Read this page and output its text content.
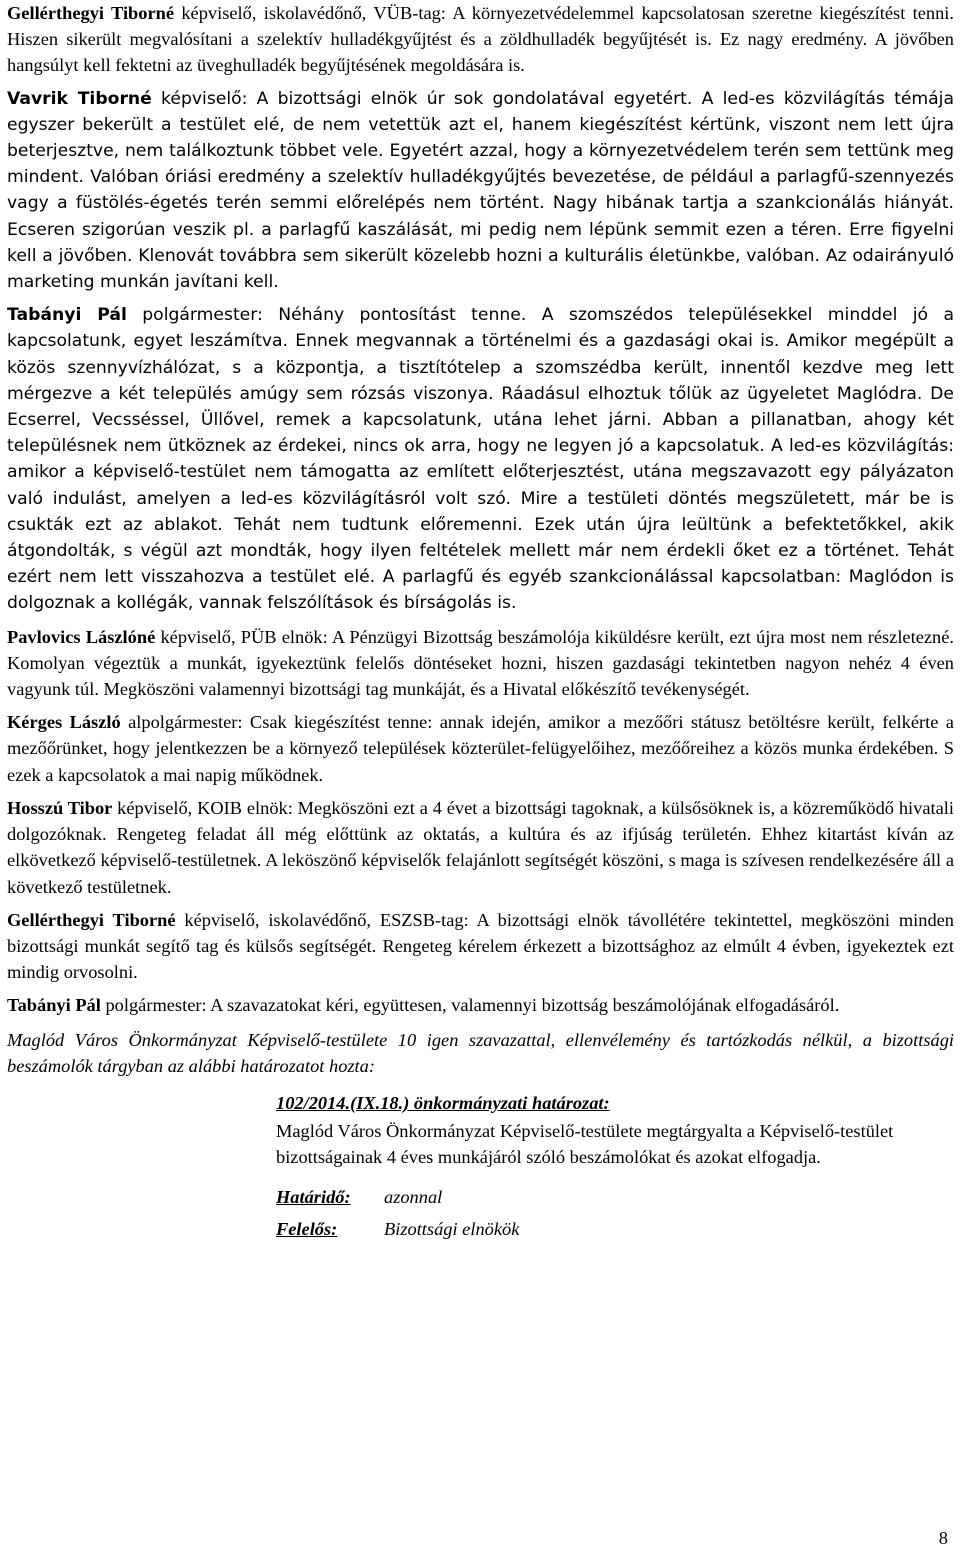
Gellérthegyi Tiborné képviselő, iskolavédőnő, VÜB-tag: A környezetvédelemmel kapcsolatosan szeretne kiegészítést tenni. Hiszen sikerült megvalósítani a szelektív hulladékgyűjtést és a zöldhulladék begyűjtését is. Ez nagy eredmény. A jövőben hangsúlyt kell fektetni az üveghulladék begyűjtésének megoldására is.

Vavrik Tiborné képviselő: A bizottsági elnök úr sok gondolatával egyetért. A led-es közvilágítás témája egyszer bekerült a testület elé, de nem vetettük azt el, hanem kiegészítést kértünk, viszont nem lett újra beterjesztve, nem találkoztunk többet vele. Egyetért azzal, hogy a környezetvédelem terén sem tettünk meg mindent. Valóban óriási eredmény a szelektív hulladékgyűjtés bevezetése, de például a parlagfű-szennyezés vagy a füstölés-égetés terén semmi előrelépés nem történt. Nagy hibának tartja a szankcionálás hiányát. Ecseren szigorúan veszik pl. a parlagfű kaszálását, mi pedig nem lépünk semmit ezen a téren. Erre figyelni kell a jövőben. Klenovát továbbra sem sikerült közelebb hozni a kulturális életünkbe, valóban. Az odairányuló marketing munkán javítani kell.

Tabányi Pál polgármester: Néhány pontosítást tenne. A szomszédos településekkel minddel jó a kapcsolatunk, egyet leszámítva. Ennek megvannak a történelmi és a gazdasági okai is. Amikor megépült a közös szennyvízhálózat, s a központja, a tisztítótelep a szomszédba került, innentől kezdve meg lett mérgezve a két település amúgy sem rózsás viszonya. Ráadásul elhoztuk tőlük az ügyeletet Maglódra. De Ecserrel, Vecsséssel, Üllővel, remek a kapcsolatunk, utána lehet járni. Abban a pillanatban, ahogy két településnek nem ütköznek az érdekei, nincs ok arra, hogy ne legyen jó a kapcsolatuk. A led-es közvilágítás: amikor a képviselő-testület nem támogatta az említett előterjesztést, utána megszavazott egy pályázaton való indulást, amelyen a led-es közvilágításról volt szó. Mire a testületi döntés megszületett, már be is csukták ezt az ablakot. Tehát nem tudtunk előremenni. Ezek után újra leültünk a befektetőkkel, akik átgondolták, s végül azt mondták, hogy ilyen feltételek mellett már nem érdekli őket ez a történet. Tehát ezért nem lett visszahozva a testület elé. A parlagfű és egyéb szankcionálással kapcsolatban: Maglódon is dolgoznak a kollégák, vannak felszólítások és bírságolás is.

Pavlovics Lászlóné képviselő, PÜB elnök: A Pénzügyi Bizottság beszámolója kiküldésre került, ezt újra most nem részletezné. Komolyan végeztük a munkát, igyekeztünk felelős döntéseket hozni, hiszen gazdasági tekintetben nagyon nehéz 4 éven vagyunk túl. Megköszöni valamennyi bizottsági tag munkáját, és a Hivatal előkészítő tevékenységét.

Kérges László alpolgármester: Csak kiegészítést tenne: annak idején, amikor a mezőőri státusz betöltésre került, felkérte a mezőőrünket, hogy jelentkezzen be a környező települések közterület-felügyelőihez, mezőőreihez a közös munka érdekében. S ezek a kapcsolatok a mai napig működnek.

Hosszú Tibor képviselő, KOIB elnök: Megköszöni ezt a 4 évet a bizottsági tagoknak, a külsősöknek is, a közreműködő hivatali dolgozóknak. Rengeteg feladat áll még előttünk az oktatás, a kultúra és az ifjúság területén. Ehhez kitartást kíván az elkövetkező képviselő-testületnek. A leköszönő képviselők felajánlott segítségét köszöni, s maga is szívesen rendelkezésére áll a következő testületnek.

Gellérthegyi Tiborné képviselő, iskolavédőnő, ESZSB-tag: A bizottsági elnök távollétére tekintettel, megköszöni minden bizottsági munkát segítő tag és külsős segítségét. Rengeteg kérelem érkezett a bizottsághoz az elmúlt 4 évben, igyekeztek ezt mindig orvosolni.

Tabányi Pál polgármester: A szavazatokat kéri, együttesen, valamennyi bizottság beszámolójának elfogadásáról.

Maglód Város Önkormányzat Képviselő-testülete 10 igen szavazattal, ellenvélemény és tartózkodás nélkül, a bizottsági beszámolók tárgyban az alábbi határozatot hozta:

102/2014.(IX.18.) önkormányzati határozat:
Maglód Város Önkormányzat Képviselő-testülete megtárgyalta a Képviselő-testület bizottságainak 4 éves munkájáról szóló beszámolókat és azokat elfogadja.
Határidő: azonnal
Felelős:	Bizottsági elnökök
8
